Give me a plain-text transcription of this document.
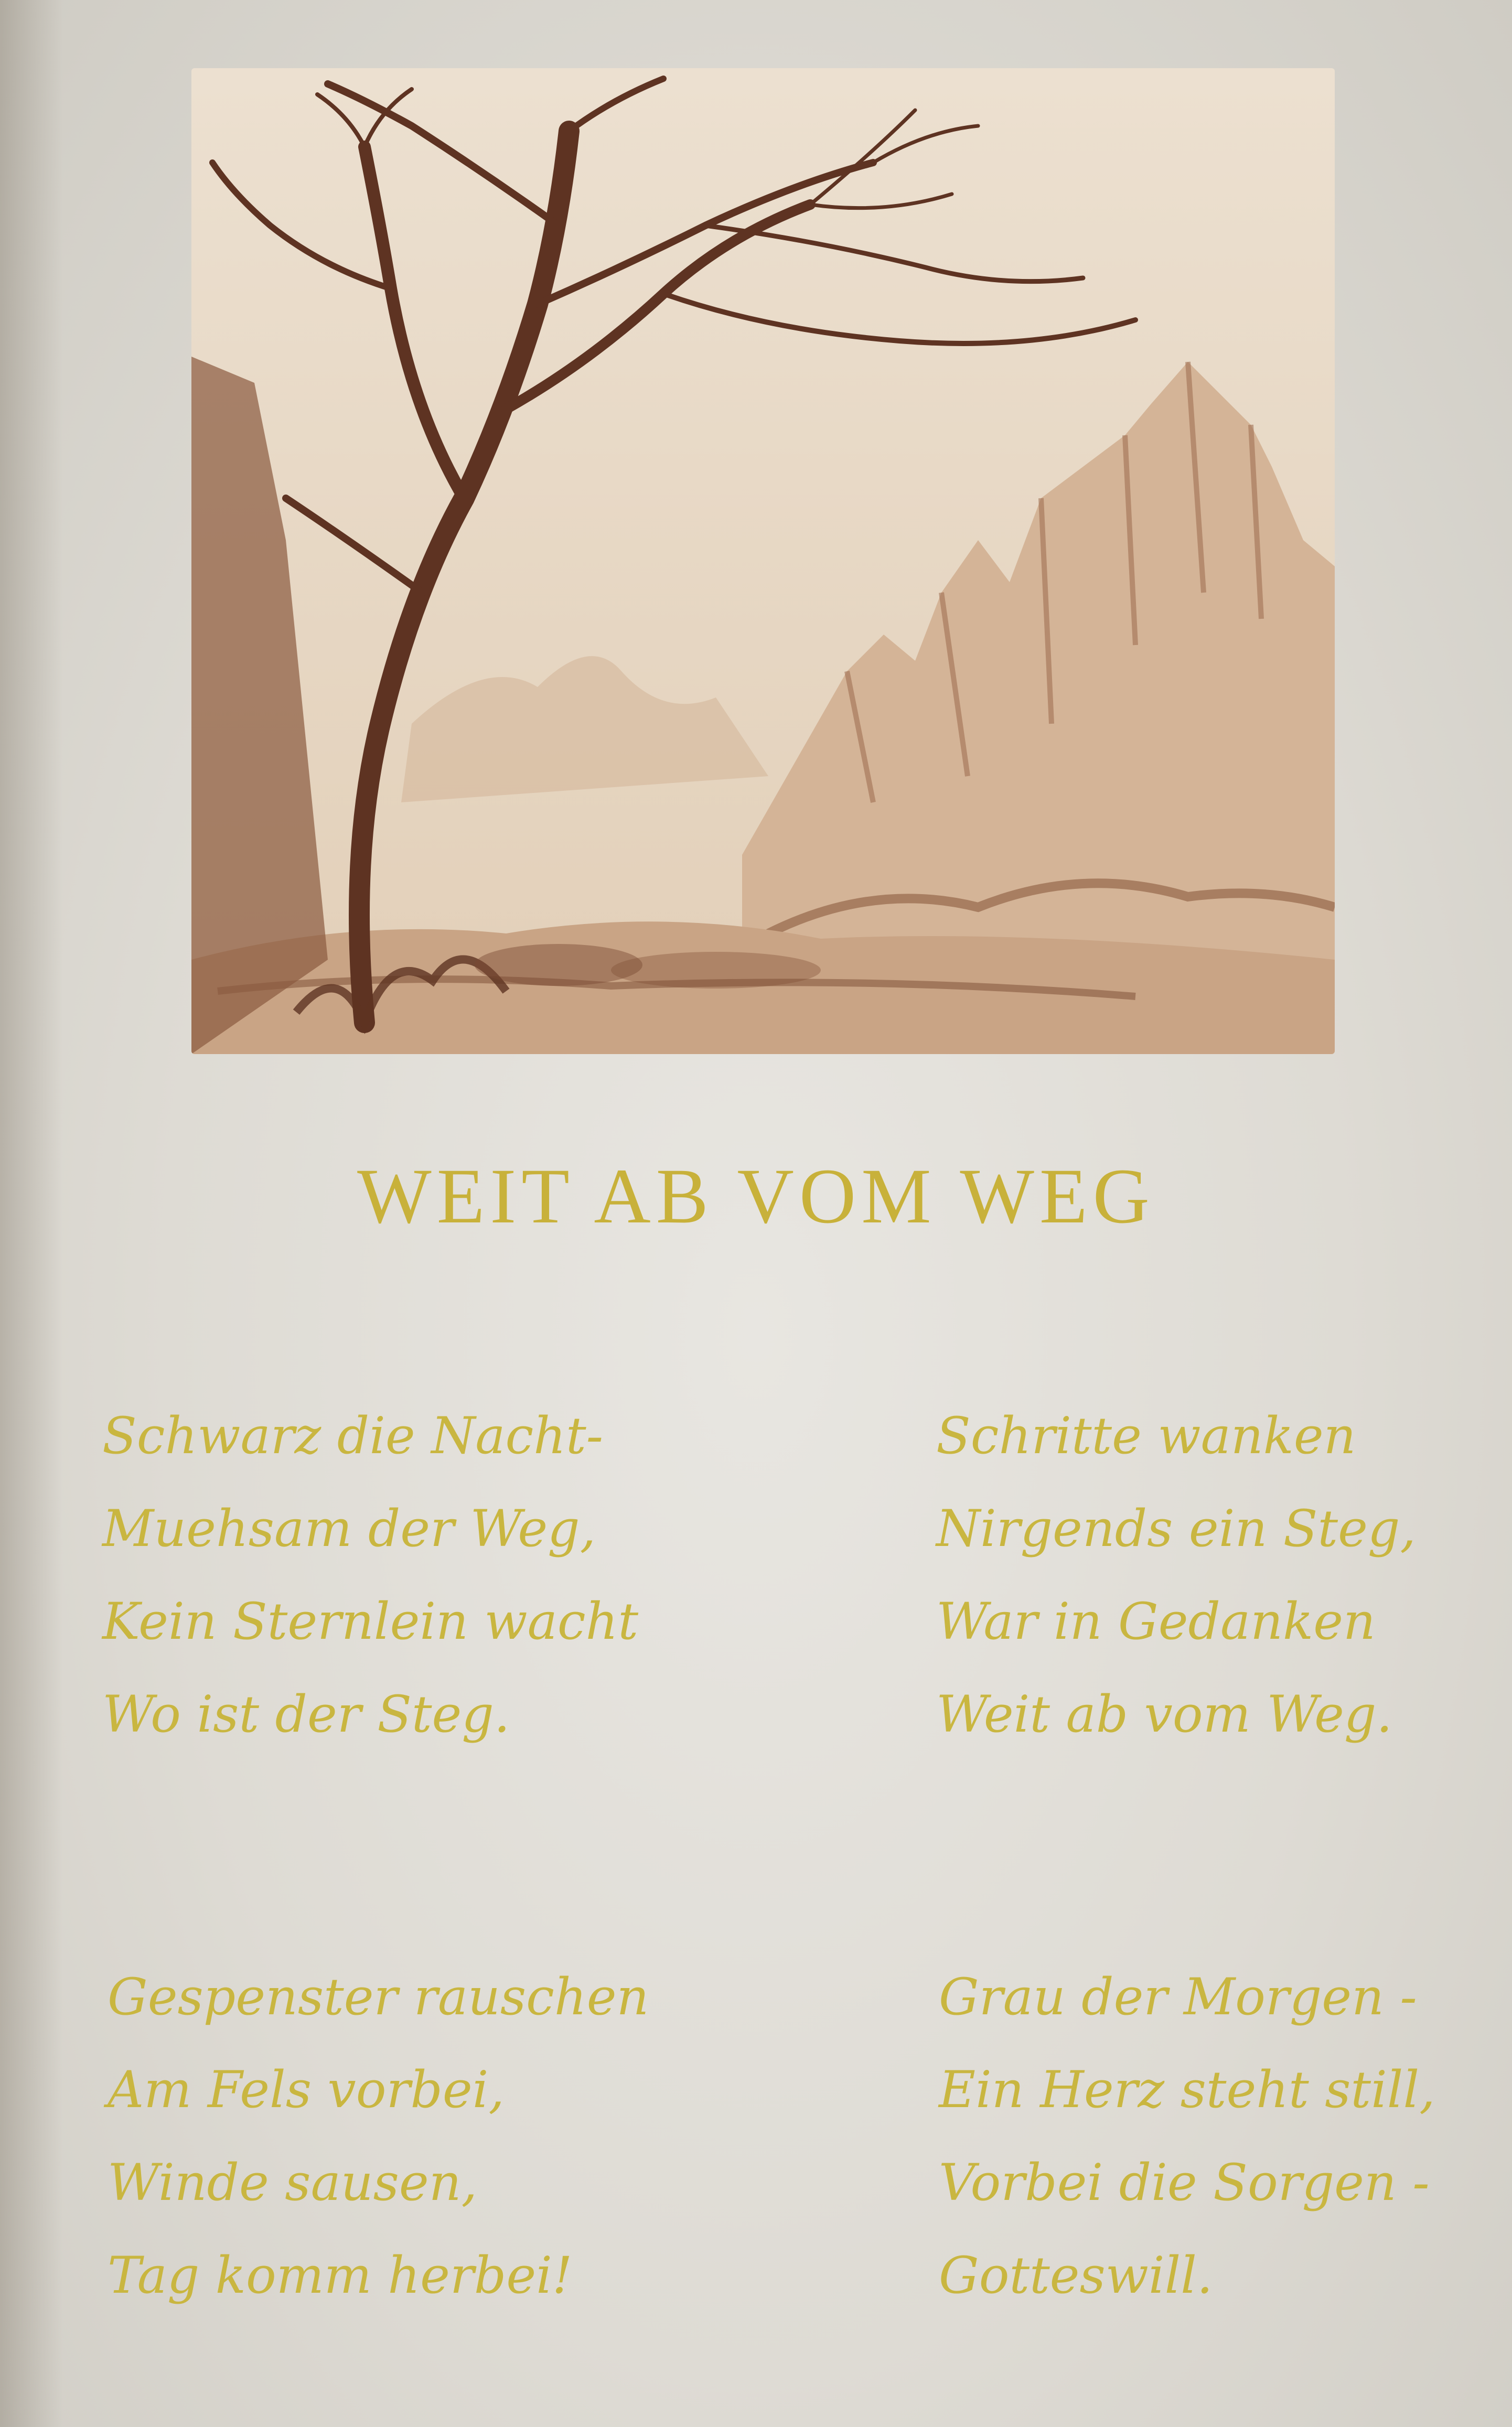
WEIT AB VOM WEG
Schwarz die Nacht-
Muehsam der Weg,
Kein Sternlein wacht
Wo ist der Steg.
Schritte wanken
Nirgends ein Steg,
War in Gedanken
Weit ab vom Weg.
Gespenster rauschen
Am Fels vorbei,
Winde sausen,
Tag komm herbei!
Grau der Morgen -
Ein Herz steht still,
Vorbei die Sorgen -
Gotteswill.
